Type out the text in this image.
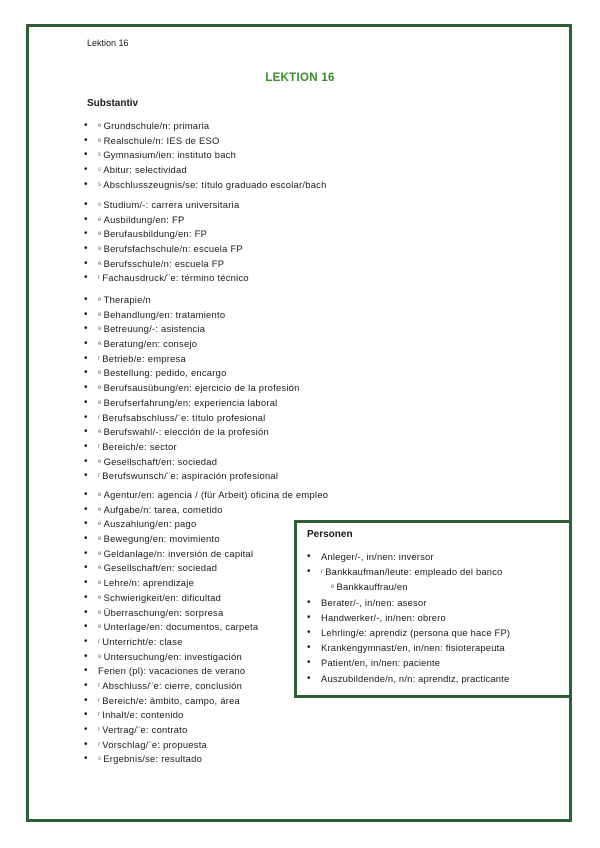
Lektion 16
LEKTION 16
Substantiv
• $^e$ Grundschule/n: primaria
• $^e$ Realschule/n: IES de ESO
• $^s$ Gymnasium/ien: instituto bach
• $^s$ Abitur: selectividad
• $^s$ Abschlusszeugnis/se: título graduado escolar/bach
• $^s$ Studium/-: carrera universitaria
• $^e$ Ausbildung/en: FP
• $^e$ Berufausbildung/en: FP
• $^e$ Berufsfachschule/n: escuela FP
• $^e$ Berufsschule/n: escuela FP
• $^r$ Fachausdruck/¨e: término técnico
• $^e$ Therapie/n
• $^e$ Behandlung/en: tratamiento
• $^e$ Betreuung/-: asistencia
• $^e$ Beratung/en: consejo
• $^r$ Betrieb/e: empresa
• $^e$ Bestellung: pedido, encargo
• $^e$ Berufsausübung/en: ejercicio de la profesión
• $^e$ Berufserfahrung/en: experiencia laboral
• $^r$ Berufsabschluss/¨e: título profesional
• $^e$ Berufswahl/-: elección de la profesión
• $^r$ Bereich/e: sector
• $^e$ Gesellschaft/en: sociedad
• $^r$ Berufswunsch/¨e: aspiración profesional
• $^e$ Agentur/en: agencia / (für Arbeit) oficina de empleo
• $^e$ Aufgabe/n: tarea, cometido
• $^e$ Auszahlung/en: pago
• $^e$ Bewegung/en: movimiento
• $^e$ Geldanlage/n: inversión de capital
• $^e$ Gesellschaft/en: sociedad
• $^e$ Lehre/n: aprendizaje
• $^e$ Schwierigkeit/en: dificultad
• $^e$ Überraschung/en: sorpresa
• $^e$ Unterlage/en: documentos, carpeta
• $^r$ Unterricht/e: clase
• $^e$ Untersuchung/en: investigación
• Ferien (pl): vacaciones de verano
• $^r$ Abschluss/¨e: cierre, conclusión
• $^r$ Bereich/e: ámbito, campo, área
• $^r$ Inhalt/e: contenido
• $^r$ Vertrag/¨e: contrato
• $^r$ Vorschlag/¨e: propuesta
• $^s$ Ergebnis/se: resultado
Personen
• Anleger/-, in/nen: inversor
• $^r$ Bankkaufman/leute: empleado del banco
$^e$ Bankkauffrau/en
• Berater/-, in/nen: asesor
• Handwerker/-, in/nen: obrero
• Lehrling/e: aprendiz (persona que hace FP)
• Krankengymnast/en, in/nen: fisioterapeuta
• Patient/en, in/nen: paciente
• Auszubildende/n, n/n: aprendiz, practicante
